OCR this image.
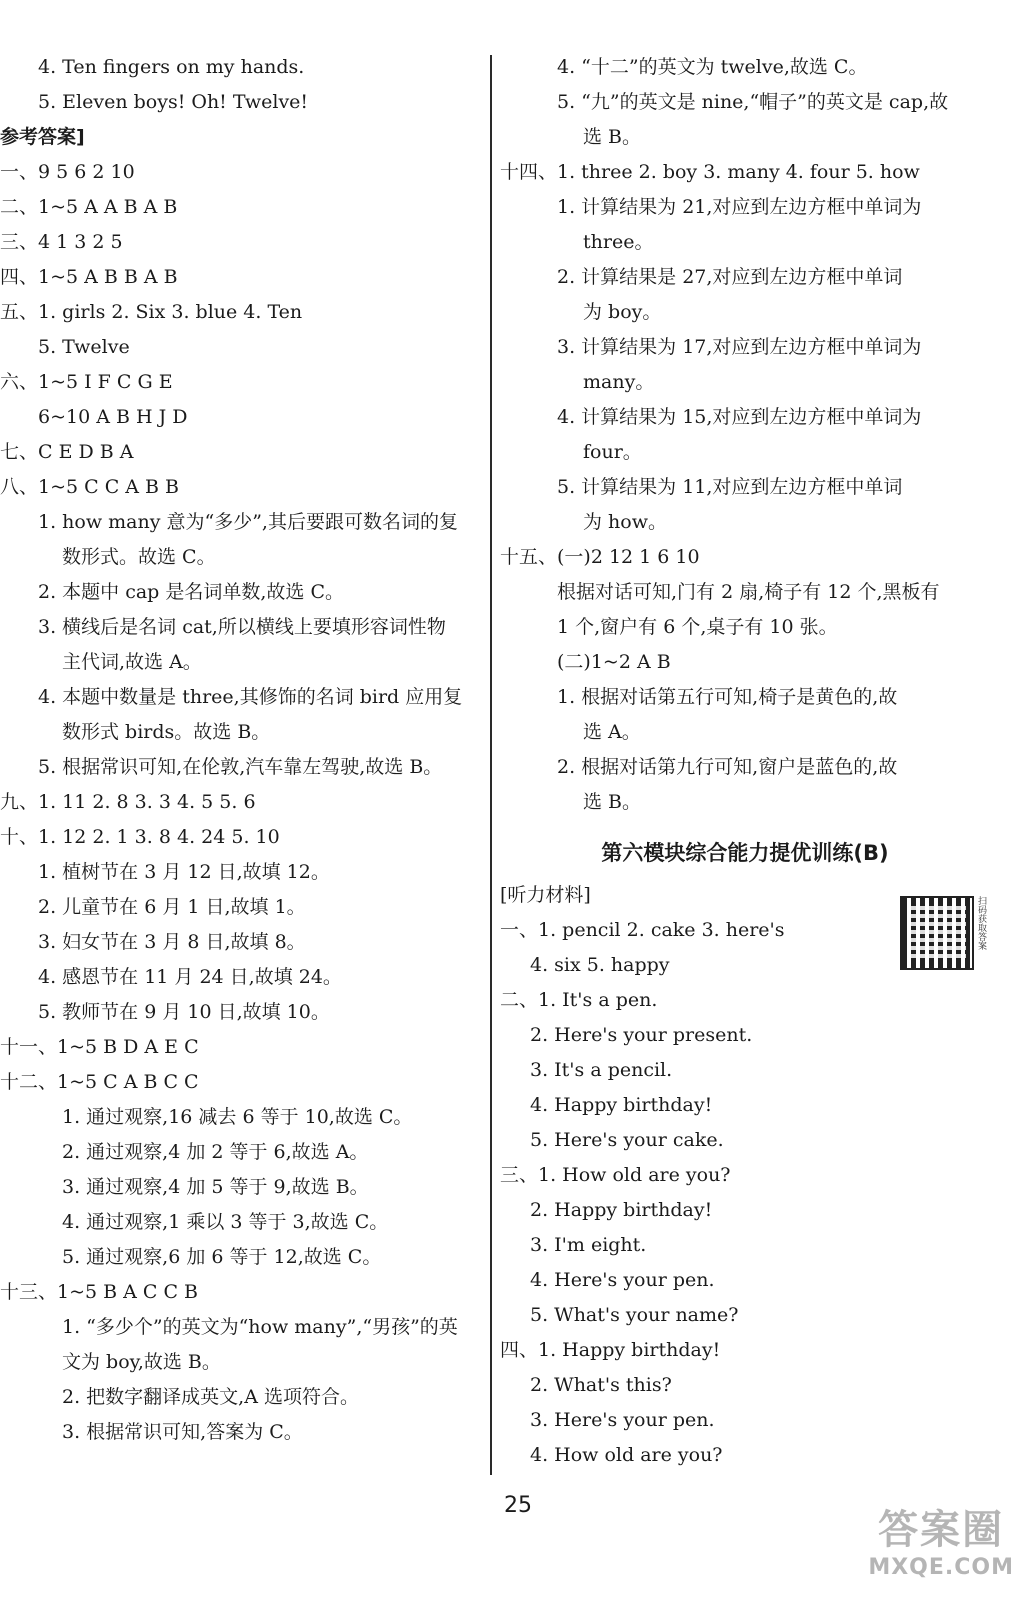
4. Ten fingers on my hands.
5. Eleven boys! Oh! Twelve!
参考答案]
一、9 5 6 2 10
二、1~5 A A B A B
三、4 1 3 2 5
四、1~5 A B B A B
五、1. girls 2. Six 3. blue 4. Ten
5. Twelve
六、1~5 I F C G E
6~10 A B H J D
七、C E D B A
八、1~5 C C A B B
1. how many 意为“多少”,其后要跟可数名词的复
数形式。故选 C。
2. 本题中 cap 是名词单数,故选 C。
3. 横线后是名词 cat,所以横线上要填形容词性物
主代词,故选 A。
4. 本题中数量是 three,其修饰的名词 bird 应用复
数形式 birds。故选 B。
5. 根据常识可知,在伦敦,汽车靠左驾驶,故选 B。
九、1. 11 2. 8 3. 3 4. 5 5. 6
十、1. 12 2. 1 3. 8 4. 24 5. 10
1. 植树节在 3 月 12 日,故填 12。
2. 儿童节在 6 月 1 日,故填 1。
3. 妇女节在 3 月 8 日,故填 8。
4. 感恩节在 11 月 24 日,故填 24。
5. 教师节在 9 月 10 日,故填 10。
十一、1~5 B D A E C
十二、1~5 C A B C C
1. 通过观察,16 减去 6 等于 10,故选 C。
2. 通过观察,4 加 2 等于 6,故选 A。
3. 通过观察,4 加 5 等于 9,故选 B。
4. 通过观察,1 乘以 3 等于 3,故选 C。
5. 通过观察,6 加 6 等于 12,故选 C。
十三、1~5 B A C C B
1. “多少个”的英文为“how many”,“男孩”的英
文为 boy,故选 B。
2. 把数字翻译成英文,A 选项符合。
3. 根据常识可知,答案为 C。
4. “十二”的英文为 twelve,故选 C。
5. “九”的英文是 nine,“帽子”的英文是 cap,故
选 B。
十四、1. three 2. boy 3. many 4. four 5. how
1. 计算结果为 21,对应到左边方框中单词为
three。
2. 计算结果是 27,对应到左边方框中单词
为 boy。
3. 计算结果为 17,对应到左边方框中单词为
many。
4. 计算结果为 15,对应到左边方框中单词为
four。
5. 计算结果为 11,对应到左边方框中单词
为 how。
十五、(一)2 12 1 6 10
根据对话可知,门有 2 扇,椅子有 12 个,黑板有
1 个,窗户有 6 个,桌子有 10 张。
(二)1~2 A B
1. 根据对话第五行可知,椅子是黄色的,故
选 A。
2. 根据对话第九行可知,窗户是蓝色的,故
选 B。
第六模块综合能力提优训练(B)
[听力材料]
一、1. pencil 2. cake 3. here's
4. six 5. happy
二、1. It's a pen.
2. Here's your present.
3. It's a pencil.
4. Happy birthday!
5. Here's your cake.
三、1. How old are you?
2. Happy birthday!
3. I'm eight.
4. Here's your pen.
5. What's your name?
四、1. Happy birthday!
2. What's this?
3. Here's your pen.
4. How old are you?
扫码获取答案
25
答案圈
MXQE.COM
